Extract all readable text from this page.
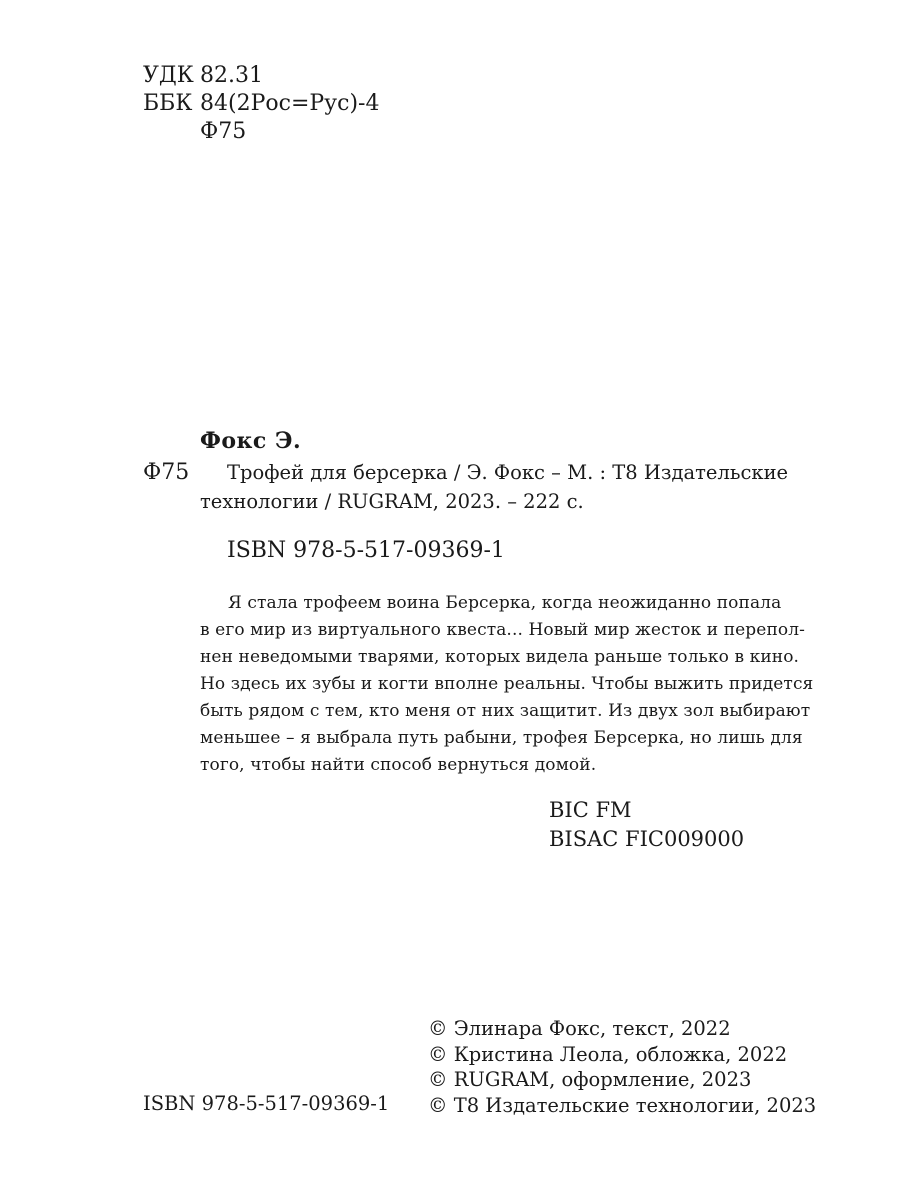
УДК 82.31
ББК 84(2Рос=Рус)-4
Ф75
Фокс Э.
Ф75 Трофей для берсерка / Э. Фокс – М. : Т8 Издательские
технологии / RUGRAM, 2023. – 222 с.
ISBN 978-5-517-09369-1
Я стала трофеем воина Берсерка, когда неожиданно попала
в его мир из виртуального квеста... Новый мир жесток и перепол-
нен неведомыми тварями, которых видела раньше только в кино.
Но здесь их зубы и когти вполне реальны. Чтобы выжить придется
быть рядом с тем, кто меня от них защитит. Из двух зол выбирают
меньшее – я выбрала путь рабыни, трофея Берсерка, но лишь для
того, чтобы найти способ вернуться домой.
BIC FM
BISAC FIC009000
© Элинара Фокс, текст, 2022
© Кристина Леола, обложка, 2022
© RUGRAM, оформление, 2023
© Т8 Издательские технологии, 2023
ISBN 978-5-517-09369-1
